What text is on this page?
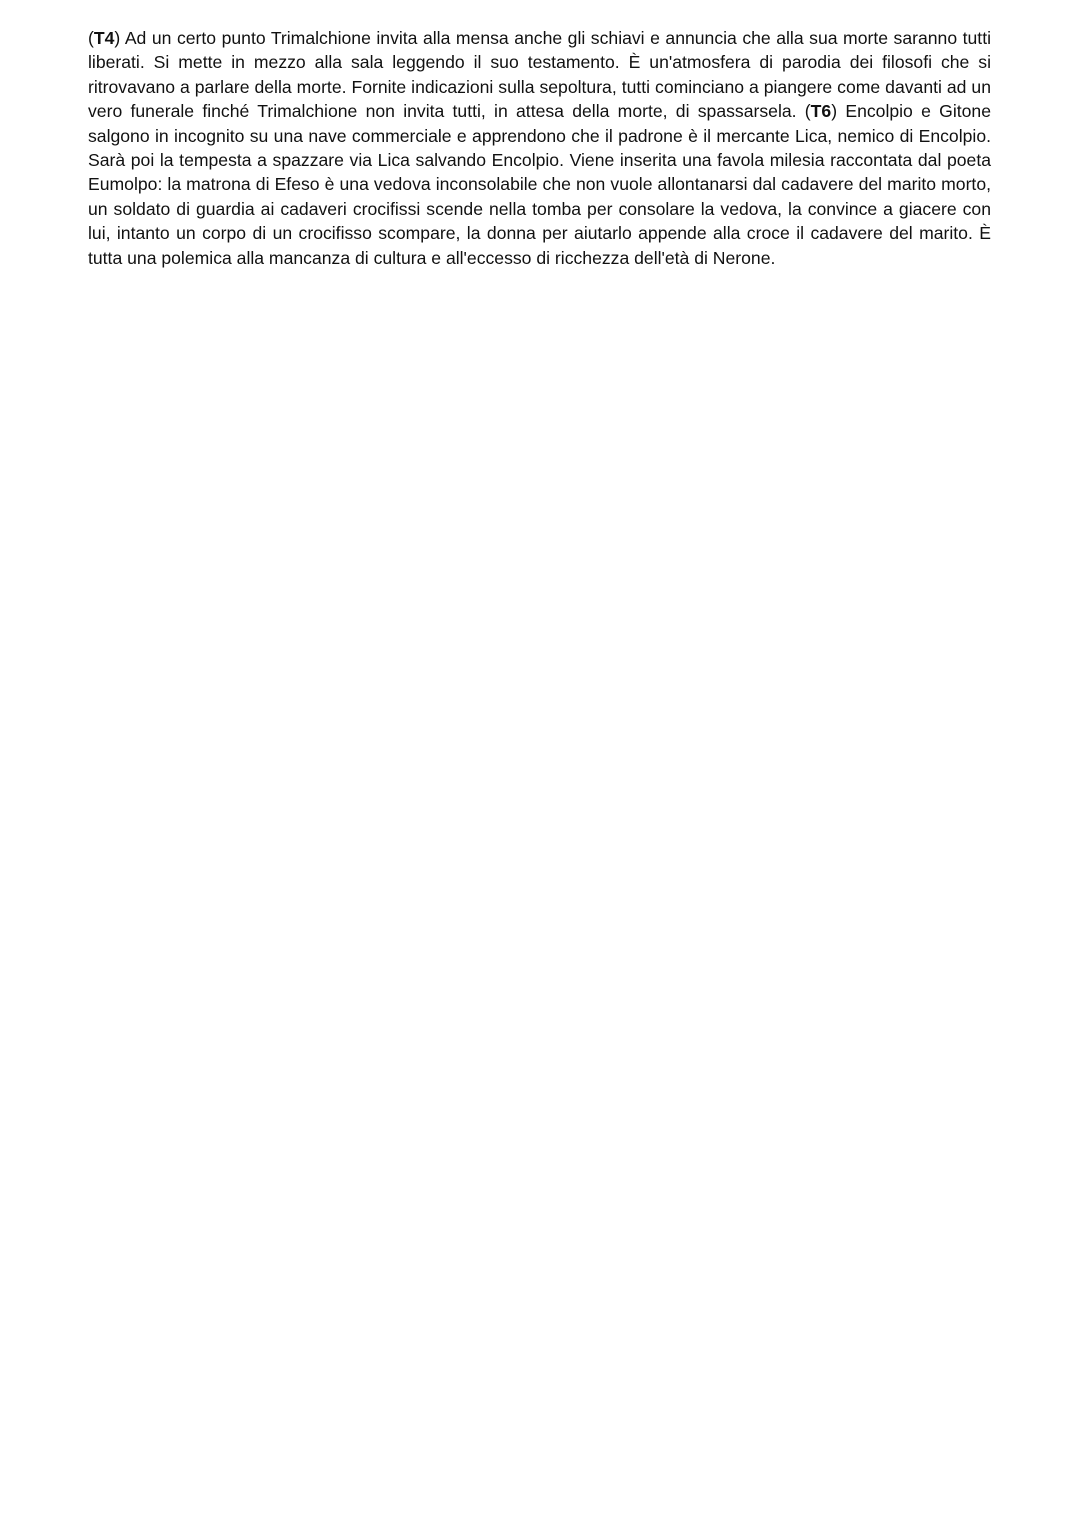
(T4) Ad un certo punto Trimalchione invita alla mensa anche gli schiavi e annuncia che alla sua morte saranno tutti liberati. Si mette in mezzo alla sala leggendo il suo testamento. È un'atmosfera di parodia dei filosofi che si ritrovavano a parlare della morte. Fornite indicazioni sulla sepoltura, tutti cominciano a piangere come davanti ad un vero funerale finché Trimalchione non invita tutti, in attesa della morte, di spassarsela. (T6) Encolpio e Gitone salgono in incognito su una nave commerciale e apprendono che il padrone è il mercante Lica, nemico di Encolpio. Sarà poi la tempesta a spazzare via Lica salvando Encolpio. Viene inserita una favola milesia raccontata dal poeta Eumolpo: la matrona di Efeso è una vedova inconsolabile che non vuole allontanarsi dal cadavere del marito morto, un soldato di guardia ai cadaveri crocifissi scende nella tomba per consolare la vedova, la convince a giacere con lui, intanto un corpo di un crocifisso scompare, la donna per aiutarlo appende alla croce il cadavere del marito. È tutta una polemica alla mancanza di cultura e all'eccesso di ricchezza dell'età di Nerone.
